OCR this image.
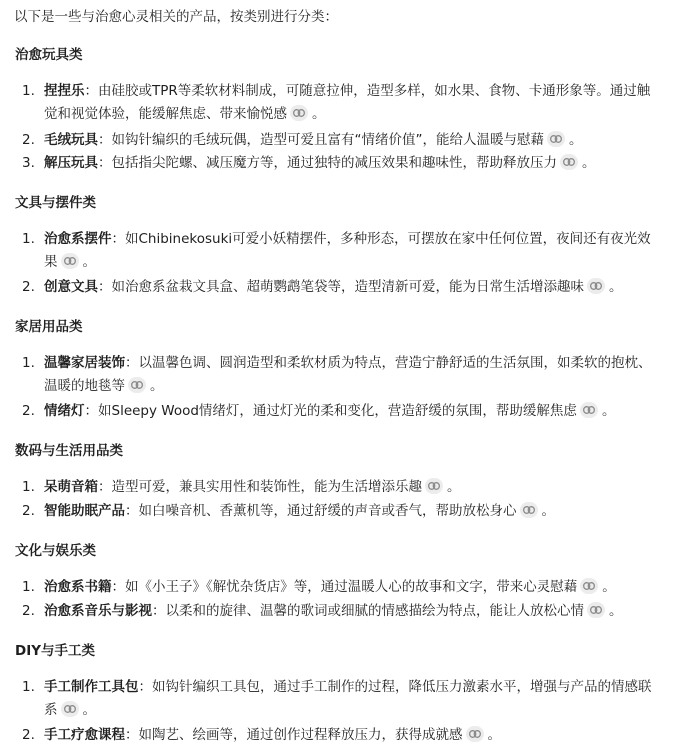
以下是一些与治愈心灵相关的产品，按类别进行分类：
治愈玩具类
1. 捏捏乐：由硅胶或TPR等柔软材料制成，可随意拉伸，造型多样，如水果、食物、卡通形象等。通过触觉和视觉体验，能缓解焦虑、带来愉悦感 。
2. 毛绒玩具：如钩针编织的毛绒玩偶，造型可爱且富有“情绪价值”，能给人温暖与慰藉 。
3. 解压玩具：包括指尖陀螺、减压魔方等，通过独特的减压效果和趣味性，帮助释放压力 。
文具与摆件类
1. 治愈系摆件：如Chibinekosuki可爱小妖精摆件，多种形态，可摆放在家中任何位置，夜间还有夜光效果 。
2. 创意文具：如治愈系盆栽文具盒、超萌鹦鹉笔袋等，造型清新可爱，能为日常生活增添趣味 。
家居用品类
1. 温馨家居装饰：以温馨色调、圆润造型和柔软材质为特点，营造宁静舒适的生活氛围，如柔软的抱枕、温暖的地毯等 。
2. 情绪灯：如Sleepy Wood情绪灯，通过灯光的柔和变化，营造舒缓的氛围，帮助缓解焦虑 。
数码与生活用品类
1. 呆萌音箱：造型可爱，兼具实用性和装饰性，能为生活增添乐趣 。
2. 智能助眠产品：如白噪音机、香薰机等，通过舒缓的声音或香气，帮助放松身心 。
文化与娱乐类
1. 治愈系书籍：如《小王子》《解忧杂货店》等，通过温暖人心的故事和文字，带来心灵慰藉 。
2. 治愈系音乐与影视：以柔和的旋律、温馨的歌词或细腻的情感描绘为特点，能让人放松心情 。
DIY与手工类
1. 手工制作工具包：如钩针编织工具包，通过手工制作的过程，降低压力激素水平，增强与产品的情感联系 。
2. 手工疗愈课程：如陶艺、绘画等，通过创作过程释放压力，获得成就感 。
